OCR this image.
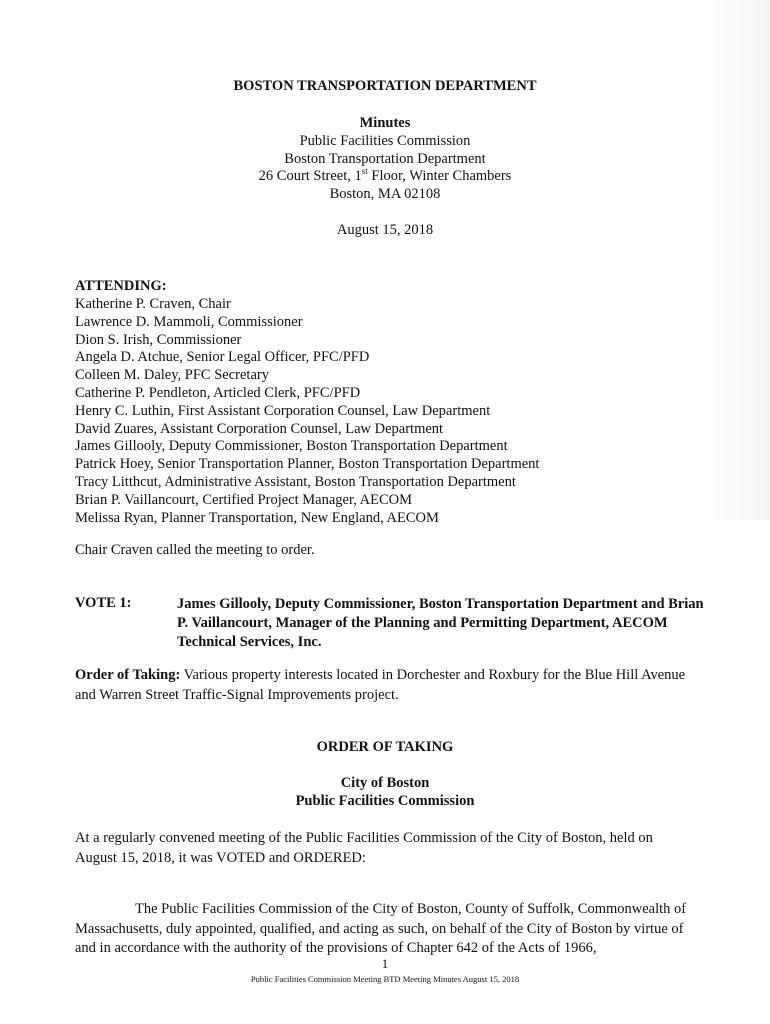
BOSTON TRANSPORTATION DEPARTMENT
Minutes
Public Facilities Commission
Boston Transportation Department
26 Court Street, 1st Floor, Winter Chambers
Boston, MA 02108
August 15, 2018
ATTENDING:
Katherine P. Craven, Chair
Lawrence D. Mammoli, Commissioner
Dion S. Irish, Commissioner
Angela D. Atchue, Senior Legal Officer, PFC/PFD
Colleen M. Daley, PFC Secretary
Catherine P. Pendleton, Articled Clerk, PFC/PFD
Henry C. Luthin, First Assistant Corporation Counsel, Law Department
David Zuares, Assistant Corporation Counsel, Law Department
James Gillooly, Deputy Commissioner, Boston Transportation Department
Patrick Hoey, Senior Transportation Planner, Boston Transportation Department
Tracy Litthcut, Administrative Assistant, Boston Transportation Department
Brian P. Vaillancourt, Certified Project Manager, AECOM
Melissa Ryan, Planner Transportation, New England, AECOM
Chair Craven called the meeting to order.
VOTE 1:	James Gillooly, Deputy Commissioner, Boston Transportation Department and Brian P. Vaillancourt, Manager of the Planning and Permitting Department, AECOM Technical Services, Inc.
Order of Taking: Various property interests located in Dorchester and Roxbury for the Blue Hill Avenue and Warren Street Traffic-Signal Improvements project.
ORDER OF TAKING
City of Boston
Public Facilities Commission
At a regularly convened meeting of the Public Facilities Commission of the City of Boston, held on August 15, 2018, it was VOTED and ORDERED:
The Public Facilities Commission of the City of Boston, County of Suffolk, Commonwealth of Massachusetts, duly appointed, qualified, and acting as such, on behalf of the City of Boston by virtue of and in accordance with the authority of the provisions of Chapter 642 of the Acts of 1966,
1
Public Facilities Commission Meeting BTD Meeting Minutes August 15, 2018
